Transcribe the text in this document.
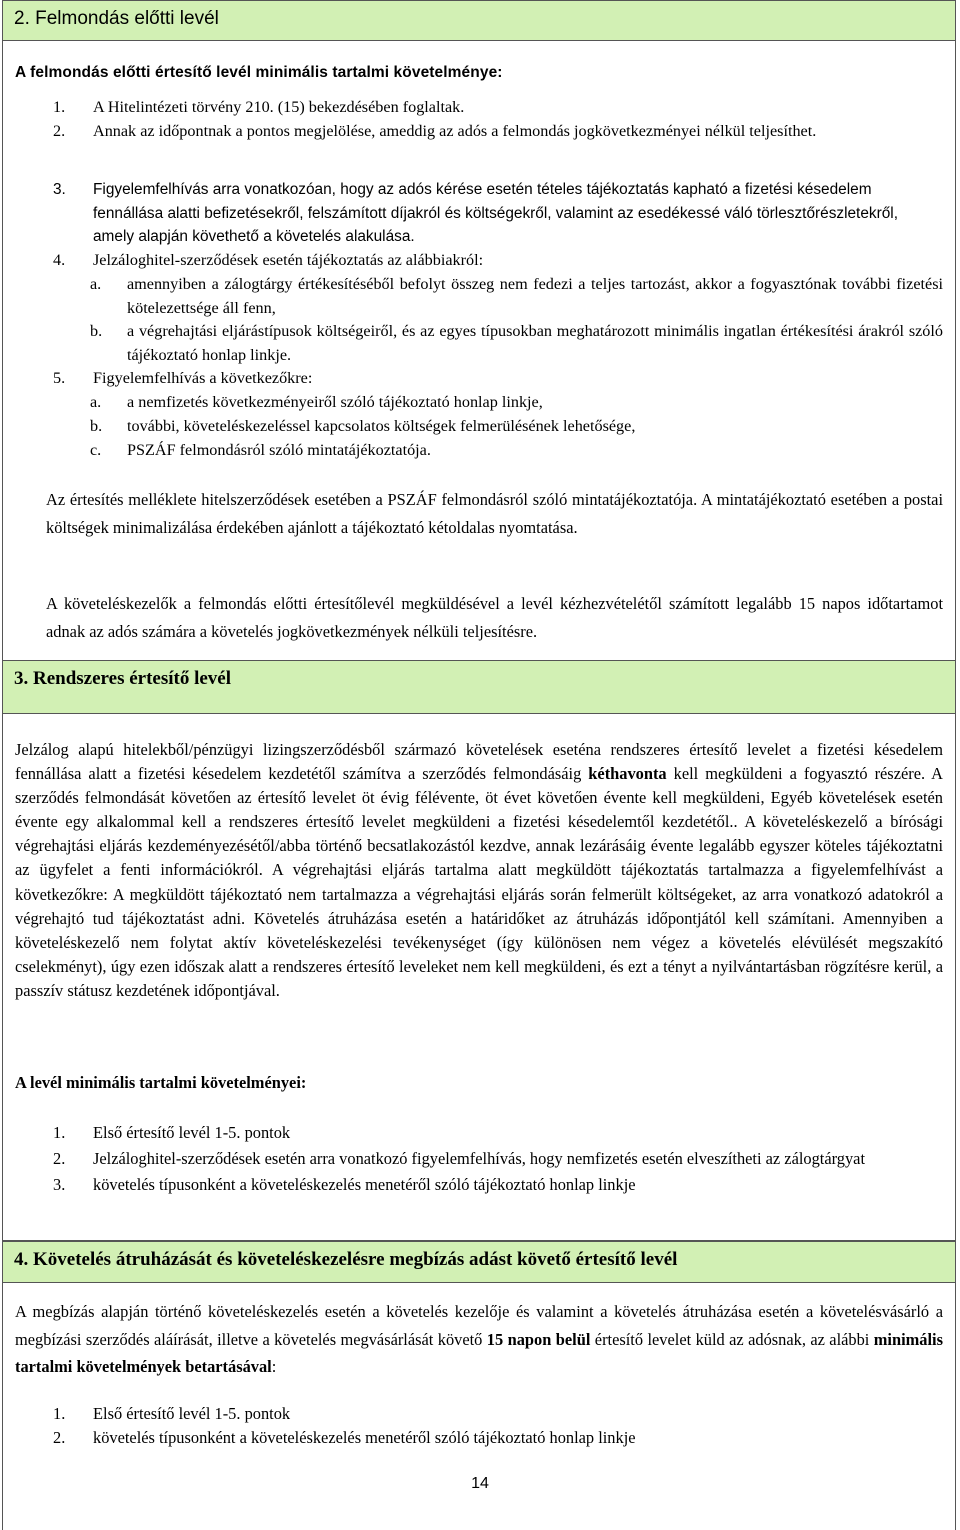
2. Felmondás előtti levél
A felmondás előtti értesítő levél minimális tartalmi követelménye:
1. A Hitelintézeti törvény 210. (15) bekezdésében foglaltak.
2. Annak az időpontnak a pontos megjelölése, ameddig az adós a felmondás jogkövetkezményei nélkül teljesíthet.
3.	Figyelemfelhívás arra vonatkozóan, hogy az adós kérése esetén tételes tájékoztatás kapható a fizetési késedelem fennállása alatti befizetésekről, felszámított díjakról és költségekről, valamint az esedékessé váló törlesztőrészletekről, amely alapján követhető a követelés alakulása.
4. Jelzáloghitel-szerződések esetén tájékoztatás az alábbiakról:
a. amennyiben a zálogtárgy értékesítéséből befolyt összeg nem fedezi a teljes tartozást, akkor a fogyasztónak további fizetési kötelezettsége áll fenn,
b. a végrehajtási eljárástípusok költségeiről, és az egyes típusokban meghatározott minimális ingatlan értékesítési árakról szóló tájékoztató honlap linkje.
5. Figyelemfelhívás a következőkre:
a. a nemfizetés következményeiről szóló tájékoztató honlap linkje,
b. további, követeléskezeléssel kapcsolatos költségek felmerülésének lehetősége,
c. PSZÁF felmondásról szóló mintatájékoztatója.
Az értesítés melléklete hitelszerződések esetében a PSZÁF felmondásról szóló mintatájékoztatója. A mintatájékoztató esetében a postai költségek minimalizálása érdekében ajánlott a tájékoztató kétoldalas nyomtatása.
A követeléskezelők a felmondás előtti értesítőlevél megküldésével a levél kézhezvételétől számított legalább 15 napos időtartamot adnak az adós számára a követelés jogkövetkezmények nélküli teljesítésre.
3. Rendszeres értesítő levél
Jelzálog alapú hitelekből/pénzügyi lizingszerződésből származó követelések eseténa rendszeres értesítő levelet a fizetési késedelem fennállása alatt a fizetési késedelem kezdetétől számítva a szerződés felmondásáig kéthavonta kell megküldeni a fogyasztó részére. A szerződés felmondását követően az értesítő levelet öt évig félévente, öt évet követően évente kell megküldeni, Egyéb követelések esetén évente egy alkalommal kell a rendszeres értesítő levelet megküldeni a fizetési késedelemtől kezdetétől.. A követeléskezelő a bírósági végrehajtási eljárás kezdeményezésétől/abba történő becsatlakozástól kezdve, annak lezárásáig évente legalább egyszer köteles tájékoztatni az ügyfelet a fenti információkról. A végrehajtási eljárás tartalma alatt megküldött tájékoztatás tartalmazza a figyelemfelhívást a következőkre: A megküldött tájékoztató nem tartalmazza a végrehajtási eljárás során felmerült költségeket, az arra vonatkozó adatokról a végrehajtó tud tájékoztatást adni. Követelés átruházása esetén a határidőket az átruházás időpontjától kell számítani. Amennyiben a követeléskezelő nem folytat aktív követeléskezelési tevékenységet (így különösen nem végez a követelés elévülését megszakító cselekményt), úgy ezen időszak alatt a rendszeres értesítő leveleket nem kell megküldeni, és ezt a tényt a nyilvántartásban rögzítésre kerül, a passzív státusz kezdetének időpontjával.
A levél minimális tartalmi követelményei:
1. Első értesítő levél 1-5. pontok
2. Jelzáloghitel-szerződések esetén arra vonatkozó figyelemfelhívás, hogy nemfizetés esetén elveszítheti az zálogtárgyat
3. követelés típusonként a követeléskezelés menetéről szóló tájékoztató honlap linkje
4. Követelés átruházását és követeléskezelésre megbízás adást követő értesítő levél
A megbízás alapján történő követeléskezelés esetén a követelés kezelője és valamint a követelés átruházása esetén a követelésvásárló a megbízási szerződés aláírását, illetve a követelés megvásárlását követő 15 napon belül értesítő levelet küld az adósnak, az alábbi minimális tartalmi követelmények betartásával:
1. Első értesítő levél 1-5. pontok
2. követelés típusonként a követeléskezelés menetéről szóló tájékoztató honlap linkje
14
